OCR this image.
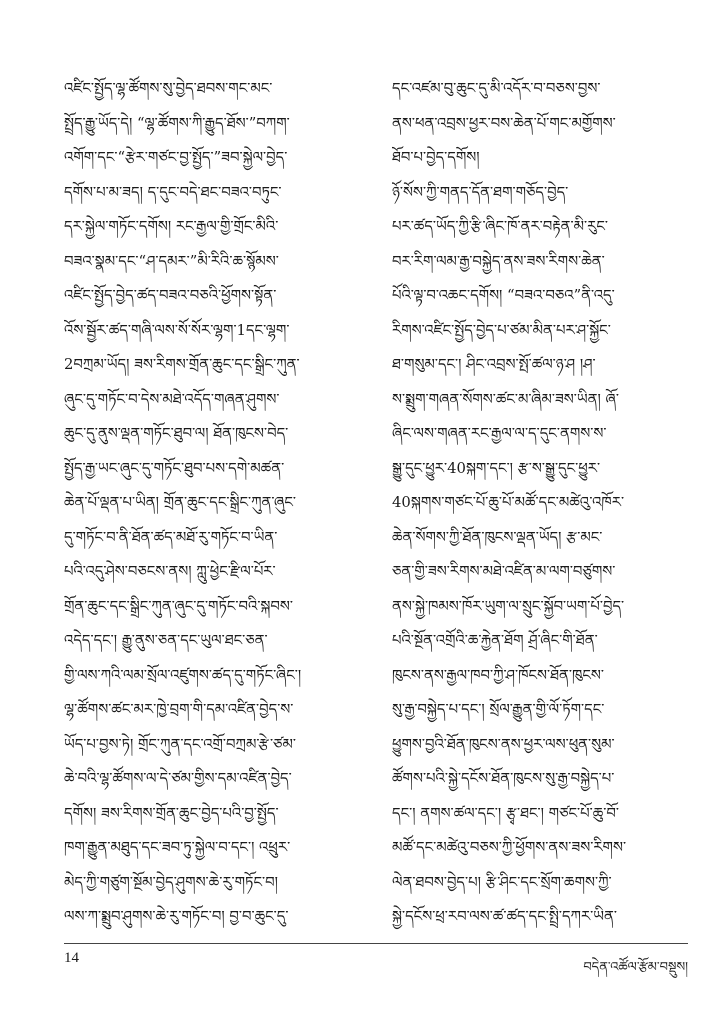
འཛིང་སྤྱོད་ལྷ་ཚོགས་སུ་བྱེད་ཐབས་གང་མང་
སྤྲོད་རྒྱུ་ཡོད་དེ། “ལྷ་ཚོགས་ཀི་རྒྱུད་ཐོས་”བཀག་
འགོག་དང་“རྩེར་གཙང་བྱ་སྤྱོད་”ཟབ་སྐྱེལ་བྱེད་
དགོས་པ་མ་ཟད། ད་དུང་བདེ་ཐང་བཟའ་བཏུང་
དར་སྐྱེལ་གཏོང་དགོས། རང་རྒྱལ་གྱི་གྲོང་མིའི་
བཟའ་སྣམ་དང་“ཤ་དམར་”མི་རིའི་ཆ་སྙོམས་
འཛིང་སྤྱོད་བྱེད་ཚད་བཟའ་བཅའི་ཕྱོགས་སྟོན་
འོས་སྦྱོར་ཚད་གཞི་ལས་སོ་སོར་ལྷག་1དང་ལྷག་
2བཀྲམ་ཡོད། ཟས་རིགས་གྲོན་ཆུང་དང་སྒྲིང་ཀུན་
ཞུང་དུ་གཏོང་བ་དེས་མཐེ་འདོད་གཞན་ཤུགས་
ཆུང་དུ་ནུས་ལྡན་གཏོང་ཐུབ་ལ། ཐོན་ཁུངས་བེད་
སྤྱོད་རྒྱ་ཡང་ཞུང་དུ་གཏོང་ཐུབ་པས་དགེ་མཚན་
ཆེན་པོ་ལྡན་པ་ཡིན། གྲོན་ཆུང་དང་སྒྲིང་ཀུན་ཞུང་
དུ་གཏོང་བ་ནི་ཐོན་ཚད་མཐོ་རུ་གཏོང་བ་ཡིན་
པའི་འདུ་ཤེས་བཅངས་ནས། ཀླུ་ཕྱེང་རྫིལ་པོར་
གྲོན་ཆུང་དང་སྒྲིང་ཀུན་ཞུང་དུ་གཏོང་བའི་སྐབས་
འདེད་དང་། རྒྱུ་ནུས་ཅན་དང་ཡུལ་ཐང་ཅན་
གྱི་ལས་ཀའི་ལམ་སྲོལ་འཛུགས་ཚད་དུ་གཏོང་ཞིང་།
ལྷ་ཚོགས་ཚང་མར་ཁྱེ་བྲག་གི་དམ་འཛིན་བྱེད་ས་
ཡོད་པ་བྱས་ཏེ། གྲོང་ཀུན་དང་འགྲོ་བཀྲམ་རྩེ་ཙམ་
ཆེ་བའི་ལྷ་ཚོགས་ལ་དེ་ཙམ་གྱིས་དམ་འཛིན་བྱེད་
དགོས། ཟས་རིགས་གྲོན་ཆུང་བྱེད་པའི་བྱ་སྤྱོད་
ཁག་རྒྱུན་མཐུད་དང་ཟབ་ཏུ་སྐྱེལ་བ་དང་། འཕྲུར་
མེད་ཀྱི་གཙུག་སྔོམ་བྱེད་ཤུགས་ཆེ་རུ་གཏོང་བ།
ལས་ཀ་སྨྲུབ་ཤུགས་ཆེ་རུ་གཏོང་བ། བྱ་བ་ཆུང་དུ་
དང་འཛམ་བུ་ཆུང་དུ་མི་འདོར་བ་བཅས་བྱས་
ནས་ཕན་འབྲས་ཕྱར་བས་ཆེན་པོ་གང་མགྱོགས་
ཐོབ་པ་བྱེད་དགོས།
ཉོ་སོས་ཀྱི་གནད་དོན་ཐག་གཅོད་བྱེད་
པར་ཚད་ཡོད་ཀྱི་རྩི་ཞིང་ཁོ་ནར་བརྟེན་མི་རུང་
བར་རིག་ལམ་རྒྱ་བསྐྱེད་ནས་ཟས་རིགས་ཆེན་
པོའི་ལྟ་བ་འཆང་དགོས། “བཟའ་བཅའ”ནི་འདུ་
རིགས་འཛིང་སྤྱོད་བྱེད་པ་ཙམ་མིན་པར་ཤ་སྐྱོང་
ཐ་གསུམ་དང་། ཤིང་འབྲས་སྤོ་ཚལ་ཉ་ཤ །ཤ་
ས་སྨྲུག་གཞན་སོགས་ཚང་མ་ཞིམ་ཟས་ཡིན། ཞོ་
ཞིང་ལས་གཞན་རང་རྒྱལ་ལ་ད་དུང་ནགས་ས་
སྒྱུ་དུང་ཕྱུར་40སྐག་དང་། རྩ་ས་སྒྱུ་དུང་ཕྱུར་
40སྐགས་གཙང་པོ་ཆུ་པོ་མཚོ་དང་མཚེའུ་འཁོར་
ཆེན་སོགས་ཀྱི་ཐོན་ཁུངས་ལྡན་ཡོད། རྩ་མང་
ཅན་གྱི་ཟས་རིགས་མཐེ་འཛིན་མ་ལག་བཙུགས་
ནས་སྐྱེ་ཁམས་ཁོར་ཡུག་ལ་སྲུང་སྐྱོབ་ཡག་པོ་བྱེད་
པའི་སྔོན་འགྲོའི་ཆ་རྐྱེན་ཐོག ཤྲོ་ཞིང་གི་ཐོན་
ཁུངས་ནས་རྒྱལ་ཁབ་ཀྱི་ཤ་ཁོངས་ཐོན་ཁུངས་
སུ་རྒྱ་བསྐྱེད་པ་དང་། སྲོལ་རྒྱུན་གྱི་ལོ་ཏོག་དང་
ཕྱུགས་བྱའི་ཐོན་ཁུངས་ནས་ཕྱར་ལས་ཕུན་སུམ་
ཚོགས་པའི་སྐྱེ་དངོས་ཐོན་ཁུངས་སུ་རྒྱ་བསྐྱེད་པ་
དང་། ནགས་ཚལ་དང་། རྩྭ་ཐང་། གཙང་པོ་ཆུ་བོ་
མཚོ་དང་མཚེའུ་བཅས་ཀྱི་ཕྱོགས་ནས་ཟས་རིགས་
ལེན་ཐབས་བྱེད་པ། རྩི་ཤིང་དང་སྲོག་ཆགས་ཀྱི་
སྐྱེ་དངོས་ཕྲ་རབ་ལས་ཚ་ཚད་དང་སྤྲི་དཀར་ཡིན་
14
བདེན་འཚོལ་རྩོམ་བསྡུས།
